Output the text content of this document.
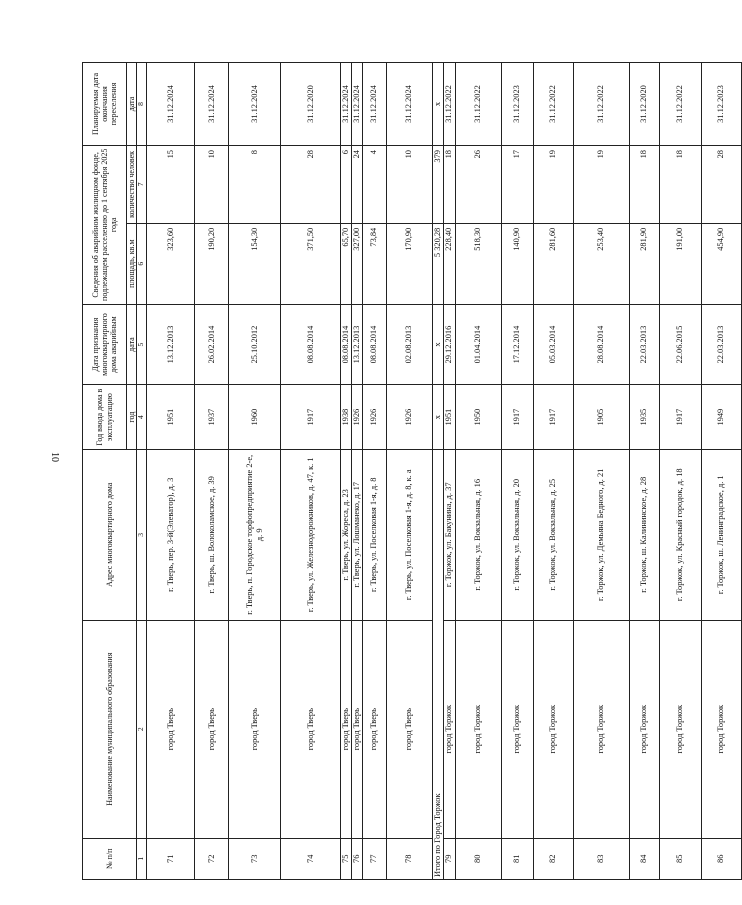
10
№ п/п	Наименование муниципального образования	Адрес многоквартирного дома	Год ввода дома в эксплуатацию	Дата признания многоквартирного дома аварийным	Сведения об аварийном жилищном фонде, подлежащем расселению до 1 сентября 2025 года		Планируемая дата окончания переселения
			год	дата	площадь, кв.м	количество человек	дата
1	2	3	4	5	6	7	8
71	город Тверь	г. Тверь, пер. 3-й(Элеватор), д. 3	1951	13.12.2013	323,60	15	31.12.2024
72	город Тверь	г. Тверь, ш. Волоколамское, д. 39	1937	26.02.2014	190,20	10	31.12.2024
73	город Тверь	г. Тверь, п. Городское торфопредприятие 2-е, д. 9	1960	25.10.2012	154,30	8	31.12.2024
74	город Тверь	г. Тверь, ул. Железнодорожников, д. 47, к. 1	1917	08.08.2014	371,50	28	31.12.2020
75	город Тверь	г. Тверь, ул. Жореса, д. 23	1938	08.08.2014	65,70	6	31.12.2024
76	город Тверь	г. Тверь, ул. Лошманеко, д. 17	1926	13.12.2013	327,00	24	31.12.2024
77	город Тверь	г. Тверь, ул. Поселковая 1-я, д. 8	1926	08.08.2014	73,84	4	31.12.2024
78	город Тверь	г. Тверь, ул. Поселковая 1-я, д. 8, к. а	1926	02.08.2013	170,90	10	31.12.2024
Итого по Город Торжок			x	x	5 320,28	379	x
79	город Торжок	г. Торжок, ул. Бакунина, д. 37	1951	29.12.2016	228,40	18	31.12.2022
80	город Торжок	г. Торжок, ул. Вокзальная, д. 16	1950	01.04.2014	518,30	26	31.12.2022
81	город Торжок	г. Торжок, ул. Вокзальная, д. 20	1917	17.12.2014	140,90	17	31.12.2023
82	город Торжок	г. Торжок, ул. Вокзальная, д. 25	1917	05.03.2014	281,60	19	31.12.2022
83	город Торжок	г. Торжок, ул. Демьяна Бедного, д. 21	1905	28.08.2014	253,40	19	31.12.2022
84	город Торжок	г. Торжок, ш. Калининское, д. 28	1935	22.03.2013	281,90	18	31.12.2020
85	город Торжок	г. Торжок, ул. Красный городок, д. 18	1917	22.06.2015	191,00	18	31.12.2022
86	город Торжок	г. Торжок, ш. Ленинградское, д. 1	1949	22.03.2013	454,90	28	31.12.2023
